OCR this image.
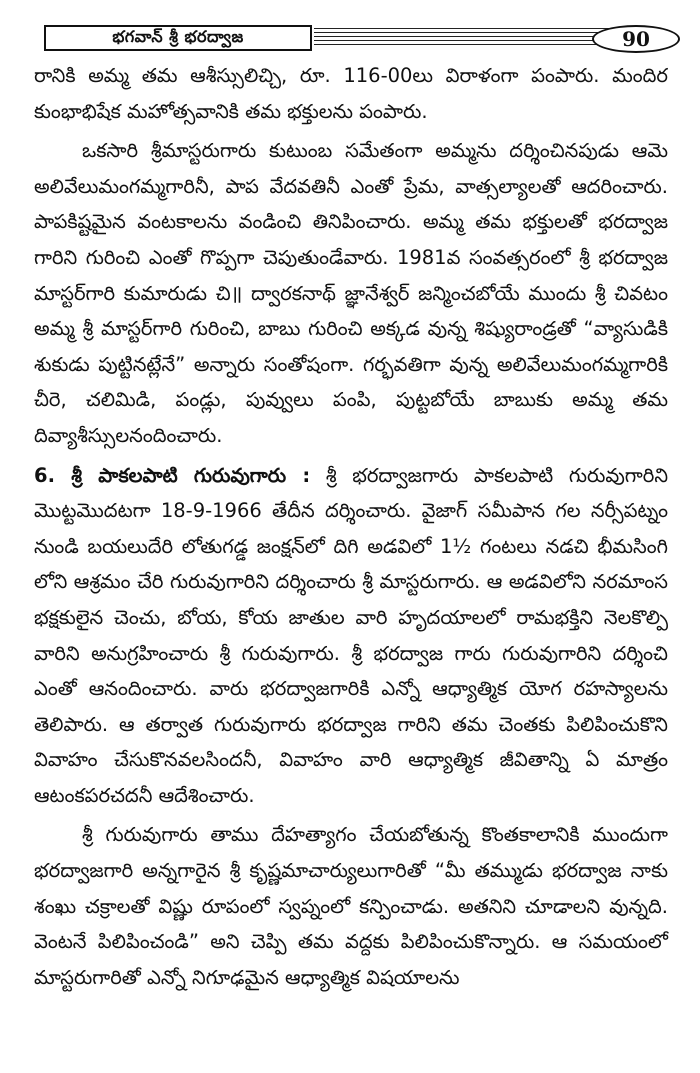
భగవాన్ శ్రీ భరద్వాజ	90

రానికి అమ్మ తమ ఆశీస్సులిచ్చి, రూ. 116-00లు విరాళంగా పంపారు. మందిర కుంభాభిషేక మహోత్సవానికి తమ భక్తులను పంపారు.

ఒకసారి శ్రీమాస్టరుగారు కుటుంబ సమేతంగా అమ్మను దర్శించినపుడు ఆమె అలివేలుమంగమ్మగారినీ, పాప వేదవతినీ ఎంతో ప్రేమ, వాత్సల్యాలతో ఆదరించారు. పాపకిష్టమైన వంటకాలను వండించి తినిపించారు. అమ్మ తమ భక్తులతో భరద్వాజ గారిని గురించి ఎంతో గొప్పగా చెపుతుండేవారు. 1981వ సంవత్సరంలో శ్రీ భరద్వాజ మాస్టర్‌గారి కుమారుడు చి॥ ద్వారకనాథ్ జ్ఞానేశ్వర్ జన్మించబోయే ముందు శ్రీ చివటం అమ్మ శ్రీ మాస్టర్‌గారి గురించి, బాబు గురించి అక్కడ వున్న శిష్యురాండ్రతో “వ్యాసుడికి శుకుడు పుట్టినట్లేనే” అన్నారు సంతోషంగా. గర్భవతిగా వున్న అలివేలుమంగమ్మగారికి చీరె, చలిమిడి, పండ్లు, పువ్వులు పంపి, పుట్టబోయే బాబుకు అమ్మ తమ దివ్యాశీస్సులనందించారు.

6. శ్రీ పాకలపాటి గురువుగారు : శ్రీ భరద్వాజగారు పాకలపాటి గురువుగారిని మొట్టమొదటగా 18-9-1966 తేదీన దర్శించారు. వైజాగ్ సమీపాన గల నర్సీపట్నం నుండి బయలుదేరి లోతుగడ్డ జంక్షన్‌లో దిగి అడవిలో 1½ గంటలు నడచి భీమసింగి లోని ఆశ్రమం చేరి గురువుగారిని దర్శించారు శ్రీ మాస్టరుగారు. ఆ అడవిలోని నరమాంస భక్షకులైన చెంచు, బోయ, కోయ జాతుల వారి హృదయాలలో రామభక్తిని నెలకొల్పి వారిని అనుగ్రహించారు శ్రీ గురువుగారు. శ్రీ భరద్వాజ గారు గురువుగారిని దర్శించి ఎంతో ఆనందించారు. వారు భరద్వాజగారికి ఎన్నో ఆధ్యాత్మిక యోగ రహస్యాలను తెలిపారు. ఆ తర్వాత గురువుగారు భరద్వాజ గారిని తమ చెంతకు పిలిపించుకొని వివాహం చేసుకొనవలసిందనీ, వివాహం వారి ఆధ్యాత్మిక జీవితాన్ని ఏ మాత్రం ఆటంకపరచదనీ ఆదేశించారు.

శ్రీ గురువుగారు తాము దేహత్యాగం చేయబోతున్న కొంతకాలానికి ముందుగా భరద్వాజగారి అన్నగారైన శ్రీ కృష్ణమాచార్యులుగారితో “మీ తమ్ముడు భరద్వాజ నాకు శంఖు చక్రాలతో విష్ణు రూపంలో స్వప్నంలో కన్పించాడు. అతనిని చూడాలని వున్నది. వెంటనే పిలిపించండి” అని చెప్పి తమ వద్దకు పిలిపించుకొన్నారు. ఆ సమయంలో మాస్టరుగారితో ఎన్నో నిగూఢమైన ఆధ్యాత్మిక విషయాలను
